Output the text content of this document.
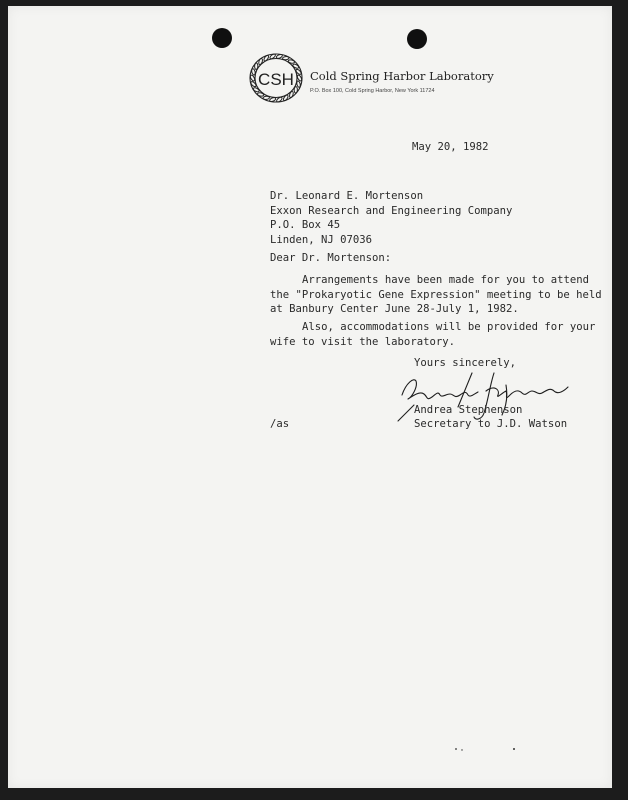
CSH Cold Spring Harbor Laboratory
P.O. Box 100, Cold Spring Harbor, New York 11724
May 20, 1982
Dr. Leonard E. Mortenson
Exxon Research and Engineering Company
P.O. Box 45
Linden, NJ 07036
Dear Dr. Mortenson:
Arrangements have been made for you to attend
the "Prokaryotic Gene Expression" meeting to be held
at Banbury Center June 28-July 1, 1982.
Also, accommodations will be provided for your
wife to visit the laboratory.
Yours sincerely,
Andrea Stephenson
Secretary to J.D. Watson
/as
